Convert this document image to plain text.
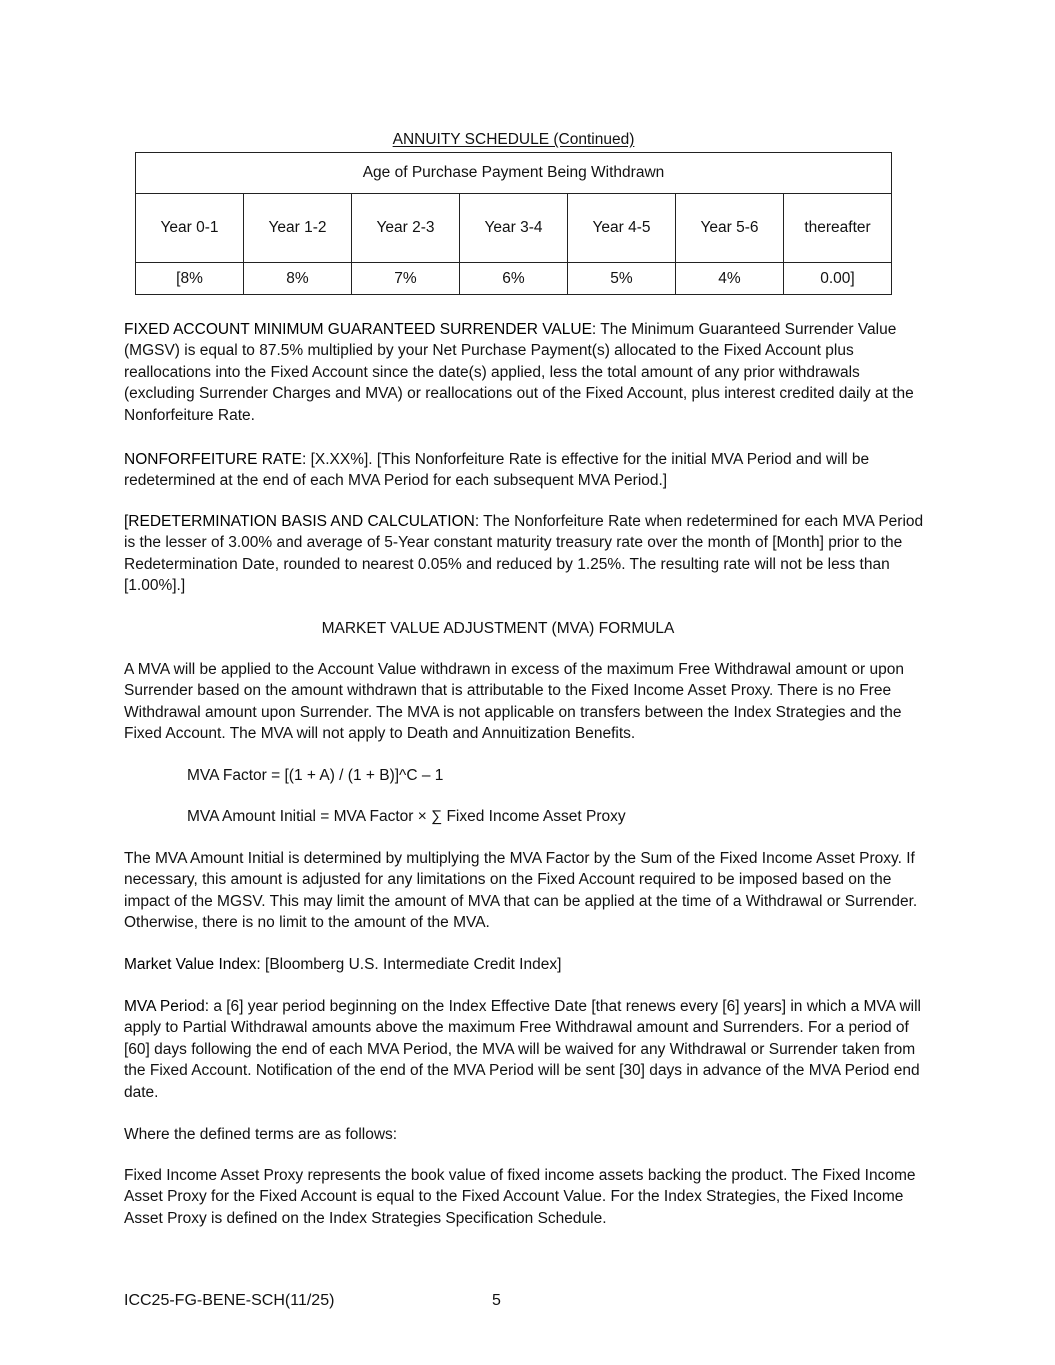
ANNUITY SCHEDULE (Continued)
Age of Purchase Payment Being Withdrawn						
Year 0-1	Year 1-2	Year 2-3	Year 3-4	Year 4-5	Year 5-6	thereafter
[8%	8%	7%	6%	5%	4%	0.00]

FIXED ACCOUNT MINIMUM GUARANTEED SURRENDER VALUE: The Minimum Guaranteed Surrender Value (MGSV) is equal to 87.5% multiplied by your Net Purchase Payment(s) allocated to the Fixed Account plus reallocations into the Fixed Account since the date(s) applied, less the total amount of any prior withdrawals (excluding Surrender Charges and MVA) or reallocations out of the Fixed Account, plus interest credited daily at the Nonforfeiture Rate.

NONFORFEITURE RATE: [X.XX%]. [This Nonforfeiture Rate is effective for the initial MVA Period and will be redetermined at the end of each MVA Period for each subsequent MVA Period.]

[REDETERMINATION BASIS AND CALCULATION: The Nonforfeiture Rate when redetermined for each MVA Period is the lesser of 3.00% and average of 5-Year constant maturity treasury rate over the month of [Month] prior to the Redetermination Date, rounded to nearest 0.05% and reduced by 1.25%. The resulting rate will not be less than [1.00%].]

MARKET VALUE ADJUSTMENT (MVA) FORMULA

A MVA will be applied to the Account Value withdrawn in excess of the maximum Free Withdrawal amount or upon Surrender based on the amount withdrawn that is attributable to the Fixed Income Asset Proxy. There is no Free Withdrawal amount upon Surrender. The MVA is not applicable on transfers between the Index Strategies and the Fixed Account. The MVA will not apply to Death and Annuitization Benefits.

MVA Factor = [(1 + A) / (1 + B)]^C – 1
MVA Amount Initial = MVA Factor × ∑ Fixed Income Asset Proxy

The MVA Amount Initial is determined by multiplying the MVA Factor by the Sum of the Fixed Income Asset Proxy. If necessary, this amount is adjusted for any limitations on the Fixed Account required to be imposed based on the impact of the MGSV. This may limit the amount of MVA that can be applied at the time of a Withdrawal or Surrender. Otherwise, there is no limit to the amount of the MVA.

Market Value Index: [Bloomberg U.S. Intermediate Credit Index]

MVA Period: a [6] year period beginning on the Index Effective Date [that renews every [6] years] in which a MVA will apply to Partial Withdrawal amounts above the maximum Free Withdrawal amount and Surrenders. For a period of [60] days following the end of each MVA Period, the MVA will be waived for any Withdrawal or Surrender taken from the Fixed Account. Notification of the end of the MVA Period will be sent [30] days in advance of the MVA Period end date.

Where the defined terms are as follows:

Fixed Income Asset Proxy represents the book value of fixed income assets backing the product. The Fixed Income Asset Proxy for the Fixed Account is equal to the Fixed Account Value. For the Index Strategies, the Fixed Income Asset Proxy is defined on the Index Strategies Specification Schedule.

ICC25-FG-BENE-SCH(11/25)	5
